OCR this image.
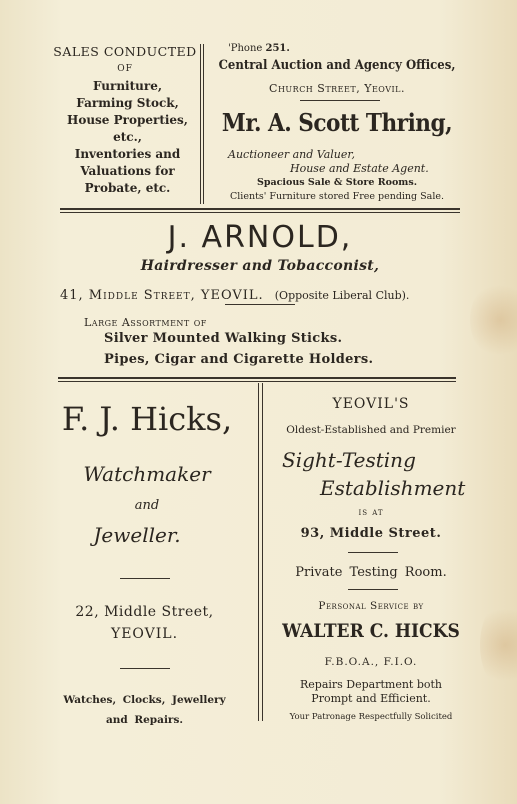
SALES CONDUCTED
OF
Furniture,
Farming Stock,
House Properties,
etc.,
Inventories and
Valuations for
Probate, etc.
'Phone 251.
Central Auction and Agency Offices,
Church Street, Yeovil.
Mr. A. Scott Thring,
Auctioneer and Valuer,
House and Estate Agent.
Spacious Sale & Store Rooms.
Clients' Furniture stored Free pending Sale.
J. ARNOLD,
Hairdresser and Tobacconist,
41, Middle Street, YEOVIL. (Opposite Liberal Club).
Large Assortment of
Silver Mounted Walking Sticks.
Pipes, Cigar and Cigarette Holders.
F. J. Hicks,
Watchmaker
and
Jeweller.
22, Middle Street,
YEOVIL.
Watches, Clocks, Jewellery
and Repairs.
YEOVIL'S
Oldest-Established and Premier
Sight-Testing
Establishment
is at
93, Middle Street.
Private Testing Room.
Personal Service by
WALTER C. HICKS
F.B.O.A., F.I.O.
Repairs Department both
Prompt and Efficient.
Your Patronage Respectfully Solicited
